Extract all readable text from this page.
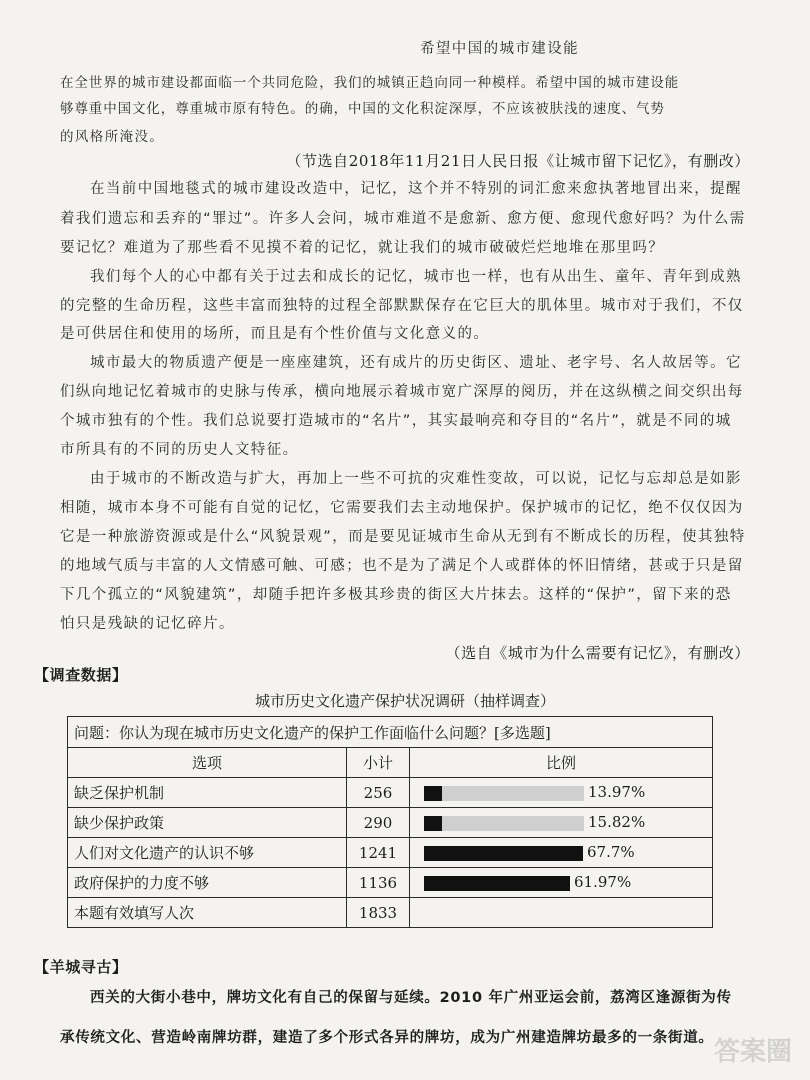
希望中国的城市建设能
在全世界的城市建设都面临一个共同危险，我们的城镇正趋向同一种模样。希望中国的城市建设能
够尊重中国文化，尊重城市原有特色。的确，中国的文化积淀深厚，不应该被肤浅的速度、气势
的风格所淹没。
（节选自2018年11月21日人民日报《让城市留下记忆》，有删改）
在当前中国地毯式的城市建设改造中，记忆，这个并不特别的词汇愈来愈执著地冒出来，提醒
着我们遗忘和丢弃的“罪过”。许多人会问，城市难道不是愈新、愈方便、愈现代愈好吗？为什么需
要记忆？难道为了那些看不见摸不着的记忆，就让我们的城市破破烂烂地堆在那里吗？
我们每个人的心中都有关于过去和成长的记忆，城市也一样，也有从出生、童年、青年到成熟
的完整的生命历程，这些丰富而独特的过程全部默默保存在它巨大的肌体里。城市对于我们，不仅
是可供居住和使用的场所，而且是有个性价值与文化意义的。
城市最大的物质遗产便是一座座建筑，还有成片的历史街区、遗址、老字号、名人故居等。它
们纵向地记忆着城市的史脉与传承，横向地展示着城市宽广深厚的阅历，并在这纵横之间交织出每
个城市独有的个性。我们总说要打造城市的“名片”，其实最响亮和夺目的“名片”，就是不同的城
市所具有的不同的历史人文特征。
由于城市的不断改造与扩大，再加上一些不可抗的灾难性变故，可以说，记忆与忘却总是如影
相随，城市本身不可能有自觉的记忆，它需要我们去主动地保护。保护城市的记忆，绝不仅仅因为
它是一种旅游资源或是什么“风貌景观”，而是要见证城市生命从无到有不断成长的历程，使其独特
的地域气质与丰富的人文情感可触、可感；也不是为了满足个人或群体的怀旧情绪，甚或于只是留
下几个孤立的“风貌建筑”，却随手把许多极其珍贵的街区大片抹去。这样的“保护”，留下来的恐
怕只是残缺的记忆碎片。
（选自《城市为什么需要有记忆》，有删改）
【调查数据】
城市历史文化遗产保护状况调研（抽样调查）
问题：你认为现在城市历史文化遗产的保护工作面临什么问题？[多选题]		
选项	小计	比例
缺乏保护机制	256	13.97%

缺少保护政策	290	15.82%

人们对文化遗产的认识不够	1241	67.7%

政府保护的力度不够	1136	61.97%

本题有效填写人次	1833	
【羊城寻古】
西关的大街小巷中，牌坊文化有自己的保留与延续。2010 年广州亚运会前，荔湾区逢源街为传
承传统文化、营造岭南牌坊群，建造了多个形式各异的牌坊，成为广州建造牌坊最多的一条街道。 答案圈
